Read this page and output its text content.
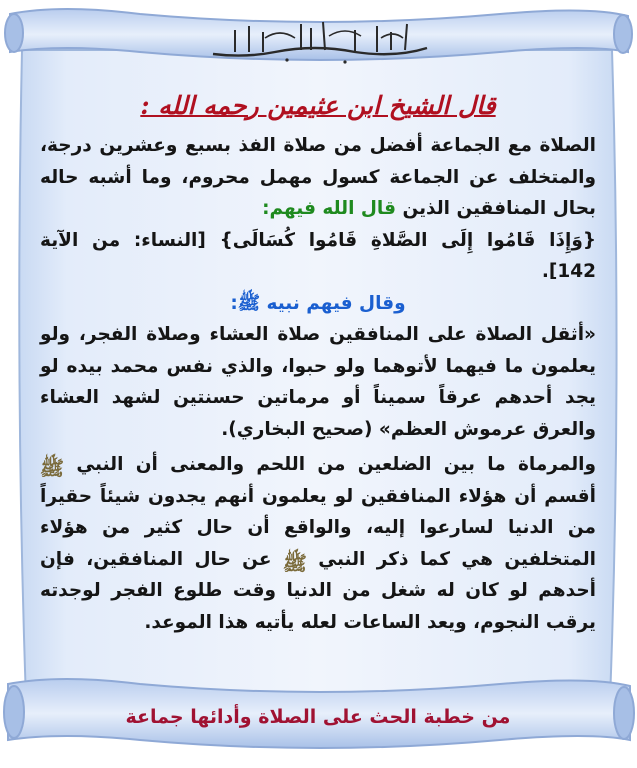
قال الشيخ ابن عثيمين رحمه الله :

الصلاة مع الجماعة أفضل من صلاة الفذ بسبع وعشرين درجة، والمتخلف عن الجماعة كسول مهمل محروم، وما أشبه حاله بحال المنافقين الذين قال الله فيهم:
{وَإِذَا قَامُوا إِلَى الصَّلاةِ قَامُوا كُسَالَى} [النساء: من الآية 142].

وقال فيهم نبيه ﷺ:

«أثقل الصلاة على المنافقين صلاة العشاء وصلاة الفجر، ولو يعلمون ما فيهما لأتوهما ولو حبوا، والذي نفس محمد بيده لو يجد أحدهم عرقاً سميناً أو مرماتين حسنتين لشهد العشاء والعرق عرموش العظم» (صحيح البخاري).

والمرماة ما بين الضلعين من اللحم والمعنى أن النبي ﷺ أقسم أن هؤلاء المنافقين لو يعلمون أنهم يجدون شيئاً حقيراً من الدنيا لسارعوا إليه، والواقع أن حال كثير من هؤلاء المتخلفين هي كما ذكر النبي ﷺ عن حال المنافقين، فإن أحدهم لو كان له شغل من الدنيا وقت طلوع الفجر لوجدته يرقب النجوم، ويعد الساعات لعله يأتيه هذا الموعد.

من خطبة الحث على الصلاة وأدائها جماعة
